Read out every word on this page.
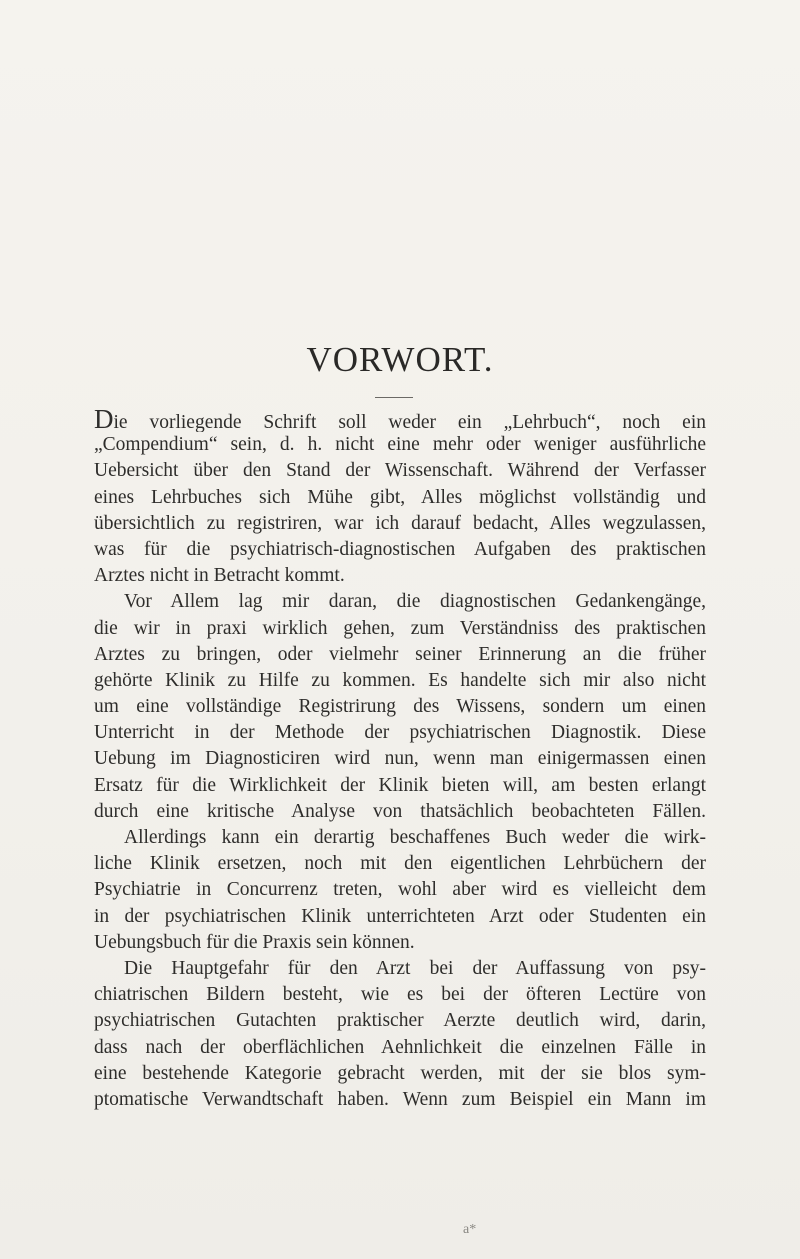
VORWORT.
Die vorliegende Schrift soll weder ein „Lehrbuch“, noch ein
„Compendium“ sein, d. h. nicht eine mehr oder weniger ausführliche
Uebersicht über den Stand der Wissenschaft. Während der Verfasser
eines Lehrbuches sich Mühe gibt, Alles möglichst vollständig und
übersichtlich zu registriren, war ich darauf bedacht, Alles wegzulassen,
was für die psychiatrisch-diagnostischen Aufgaben des praktischen
Arztes nicht in Betracht kommt.
Vor Allem lag mir daran, die diagnostischen Gedankengänge,
die wir in praxi wirklich gehen, zum Verständniss des praktischen
Arztes zu bringen, oder vielmehr seiner Erinnerung an die früher
gehörte Klinik zu Hilfe zu kommen. Es handelte sich mir also nicht
um eine vollständige Registrirung des Wissens, sondern um einen
Unterricht in der Methode der psychiatrischen Diagnostik. Diese
Uebung im Diagnosticiren wird nun, wenn man einigermassen einen
Ersatz für die Wirklichkeit der Klinik bieten will, am besten erlangt
durch eine kritische Analyse von thatsächlich beobachteten Fällen.
Allerdings kann ein derartig beschaffenes Buch weder die wirk-
liche Klinik ersetzen, noch mit den eigentlichen Lehrbüchern der
Psychiatrie in Concurrenz treten, wohl aber wird es vielleicht dem
in der psychiatrischen Klinik unterrichteten Arzt oder Studenten ein
Uebungsbuch für die Praxis sein können.
Die Hauptgefahr für den Arzt bei der Auffassung von psy-
chiatrischen Bildern besteht, wie es bei der öfteren Lectüre von
psychiatrischen Gutachten praktischer Aerzte deutlich wird, darin,
dass nach der oberflächlichen Aehnlichkeit die einzelnen Fälle in
eine bestehende Kategorie gebracht werden, mit der sie blos sym-
ptomatische Verwandtschaft haben. Wenn zum Beispiel ein Mann im
a*
